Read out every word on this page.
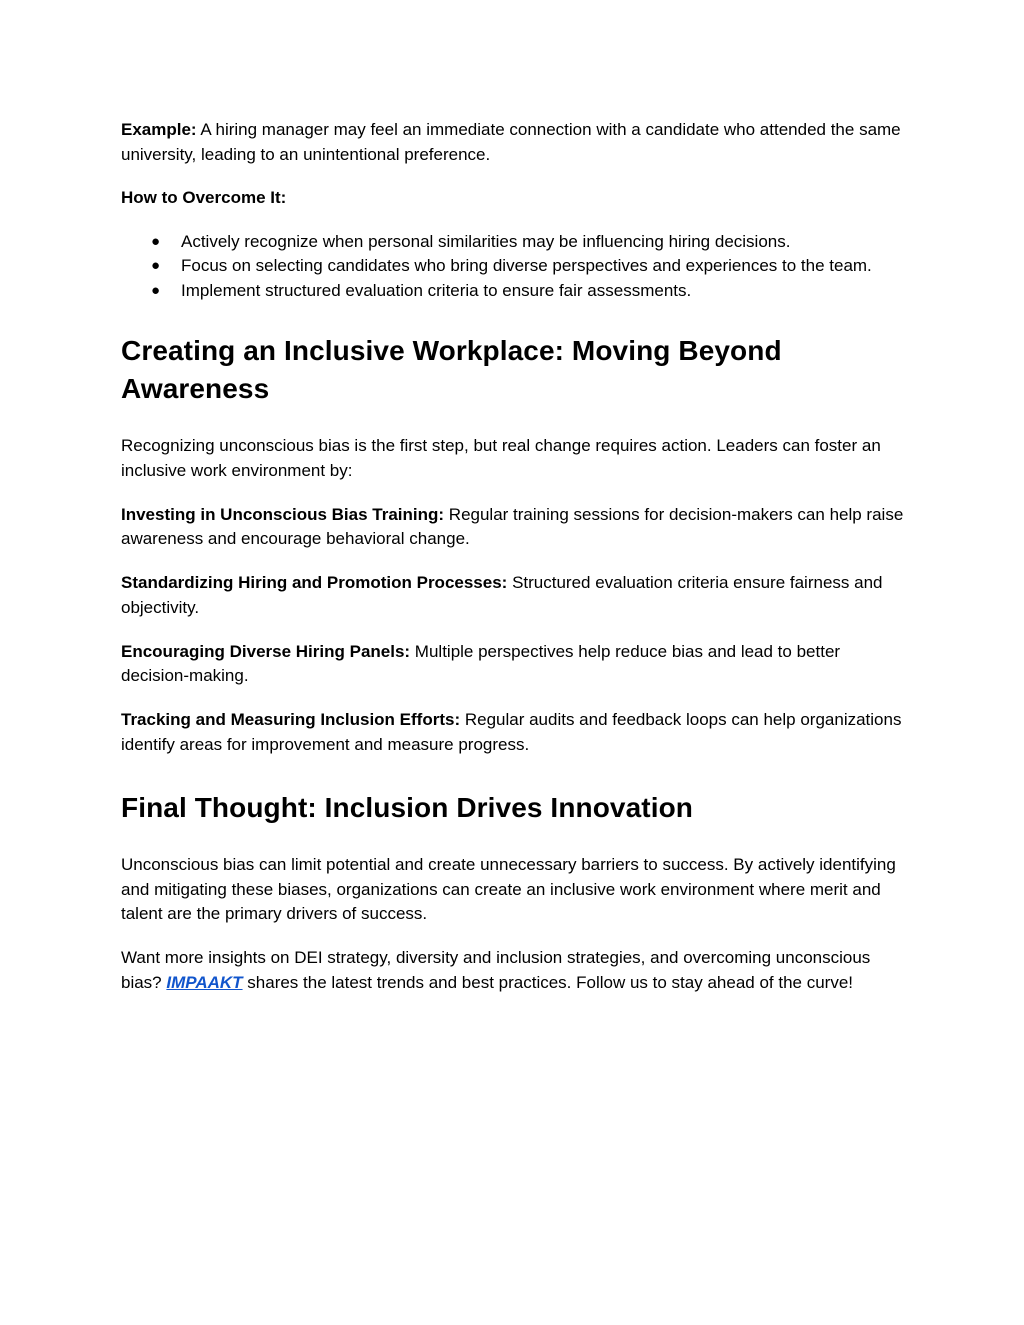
Example: A hiring manager may feel an immediate connection with a candidate who attended the same university, leading to an unintentional preference.

How to Overcome It:

● Actively recognize when personal similarities may be influencing hiring decisions.
● Focus on selecting candidates who bring diverse perspectives and experiences to the team.
● Implement structured evaluation criteria to ensure fair assessments.
Creating an Inclusive Workplace: Moving Beyond Awareness

Recognizing unconscious bias is the first step, but real change requires action. Leaders can foster an inclusive work environment by:

Investing in Unconscious Bias Training: Regular training sessions for decision-makers can help raise awareness and encourage behavioral change.

Standardizing Hiring and Promotion Processes: Structured evaluation criteria ensure fairness and objectivity.

Encouraging Diverse Hiring Panels: Multiple perspectives help reduce bias and lead to better decision-making.

Tracking and Measuring Inclusion Efforts: Regular audits and feedback loops can help organizations identify areas for improvement and measure progress.

Final Thought: Inclusion Drives Innovation

Unconscious bias can limit potential and create unnecessary barriers to success. By actively identifying and mitigating these biases, organizations can create an inclusive work environment where merit and talent are the primary drivers of success.

Want more insights on DEI strategy, diversity and inclusion strategies, and overcoming unconscious bias? IMPAAKT shares the latest trends and best practices. Follow us to stay ahead of the curve!
